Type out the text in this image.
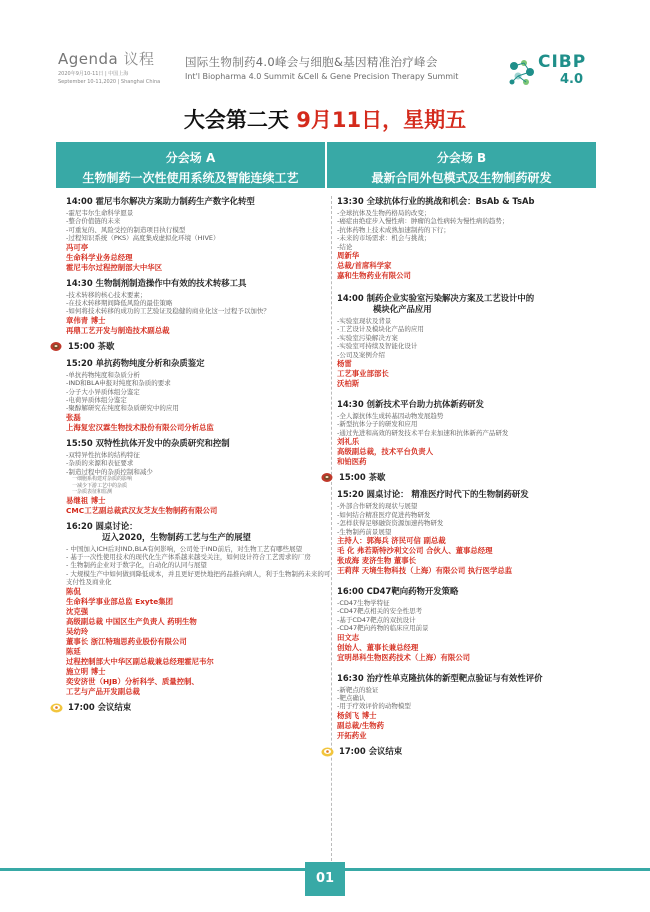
Agenda 议程
2020年9月10-11日 | 中国上海
September 10-11,2020 | Shanghai China
国际生物制药4.0峰会与细胞&基因精准治疗峰会
Int'l Biopharma 4.0 Summit &Cell & Gene Precision Therapy Summit
CIBP
4.0
大会第二天 9月11日，星期五
分会场 A
生物制药一次性使用系统及智能连续工艺
分会场 B
最新合同外包模式及生物制药研发
14:00 霍尼韦尔解决方案助力制药生产数字化转型
-霍尼韦尔生命科学愿景
-整合价值链的未来
-可重复的、风险受控的制造项目执行模型
-过程知识系统（PKS）高度集成虚拟化环境（HIVE）
冯可亭
生命科学业务总经理
霍尼韦尔过程控制部大中华区
14:30 生物制剂制造操作中有效的技术转移工具
-技术转移的核心技术要素；
-在技术转移期间降低风险的最佳策略
-如何将技术转移的成功的工艺验证及稳健的商业化这一过程予以加快？
章伟青 博士
再鼎工艺开发与制造技术副总裁
15:00 茶歇
15:20 单抗药物纯度分析和杂质鉴定
-单抗药物纯度和杂质分析
-IND和BLA申报对纯度和杂质的要求
-分子大小异质体组分鉴定
-电荷异质体组分鉴定
-聚醇解研究在纯度和杂质研究中的应用
张磊
上海复宏汉霖生物技术股份有限公司分析总监
15:50 双特性抗体开发中的杂质研究和控制
-双特异性抗体的结构特征
-杂质的来源和表征要求
-制造过程中的杂质控制和减少
一细胞系构建对杂质的影响
一减少下游工艺中的杂质
一杂质表征和监测
易继祖 博士
CMC工艺副总裁武汉友芝友生物制药有限公司
16:20 圆桌讨论：
迈入2020，生物制药工艺与生产的展望
- 中国加入ICH后对IND,BLA有何影响，公司处于IND前后，对生物工艺有哪些展望
- 基于一次性使用技术的现代化生产体系越来越受关注，如何设计符合工艺需求的厂房
- 生物制药企业对于数字化，自动化的认同与展望
- 大规模生产中如何做到降低成本，并且更好更快地把药品推向病人，利于生物制药未来的可支付性及商业化
陈侃
生命科学事业部总监 Exyte集团
沈克强
高级副总裁 中国区生产负责人 药明生物
吴幼玲
董事长 浙江特瑞思药业股份有限公司
陈延
过程控制部大中华区副总裁兼总经理霍尼韦尔
施立明 博士
奕安济世（HJB）分析科学、质量控制、
工艺与产品开发副总裁
17:00 会议结束
13:30 全球抗体行业的挑战和机会：BsAb & TsAb
-全球抗体及生物药格局的改变；
-癌症由绝症步入慢性病：肿瘤的急性病转为慢性病的趋势；
-抗体药物上技术成熟加速制药的下行；
-未来的市场需求：机会与挑战；
-结论
周新华
总裁/首席科学家
嘉和生物药业有限公司
14:00 制药企业实验室污染解决方案及工艺设计中的
模块化产品应用
-实验室现状及背景
-工艺设计及模块化产品的应用
-实验室污染解决方案
-实验室可持续及智能化设计
-公司及案例介绍
杨雷
工艺事业部部长
沃柏斯
14:30 创新技术平台助力抗体新药研发
-全人源抗体生成转基因动物发展趋势
-新型抗体分子的研发和应用
-通过先进和高效的研发技术平台来加速和抗体新药产品研发
刘礼乐
高级副总裁，技术平台负责人
和铂医药
15:00 茶歇
15:20 圆桌讨论： 精准医疗时代下的生物制药研发
-外部合作研发的现状与展望
-如何结合精准医疗促进药物研发
-怎样获得足够融资资源加速药物研发
-生物制药前景展望
主持人：郭海兵 济民可信 副总裁
毛 化 弗若斯特沙利文公司 合伙人、董事总经理
张成海 麦济生物 董事长
王莉萍 天境生物科技（上海）有限公司 执行医学总监
16:00 CD47靶向药物开发策略
-CD47生物学特征
-CD47靶点相关的安全性思考
-基于CD47靶点的双抗设计
-CD47靶向药物的临床应用前景
田文志
创始人、董事长兼总经理
宜明昂科生物医药技术（上海）有限公司
16:30 治疗性单克隆抗体的新型靶点验证与有效性评价
-新靶点的验证
-靶点确认
-用于疗效评价的动物模型
杨剑飞 博士
副总裁/生物药
开拓药业
17:00 会议结束
01
